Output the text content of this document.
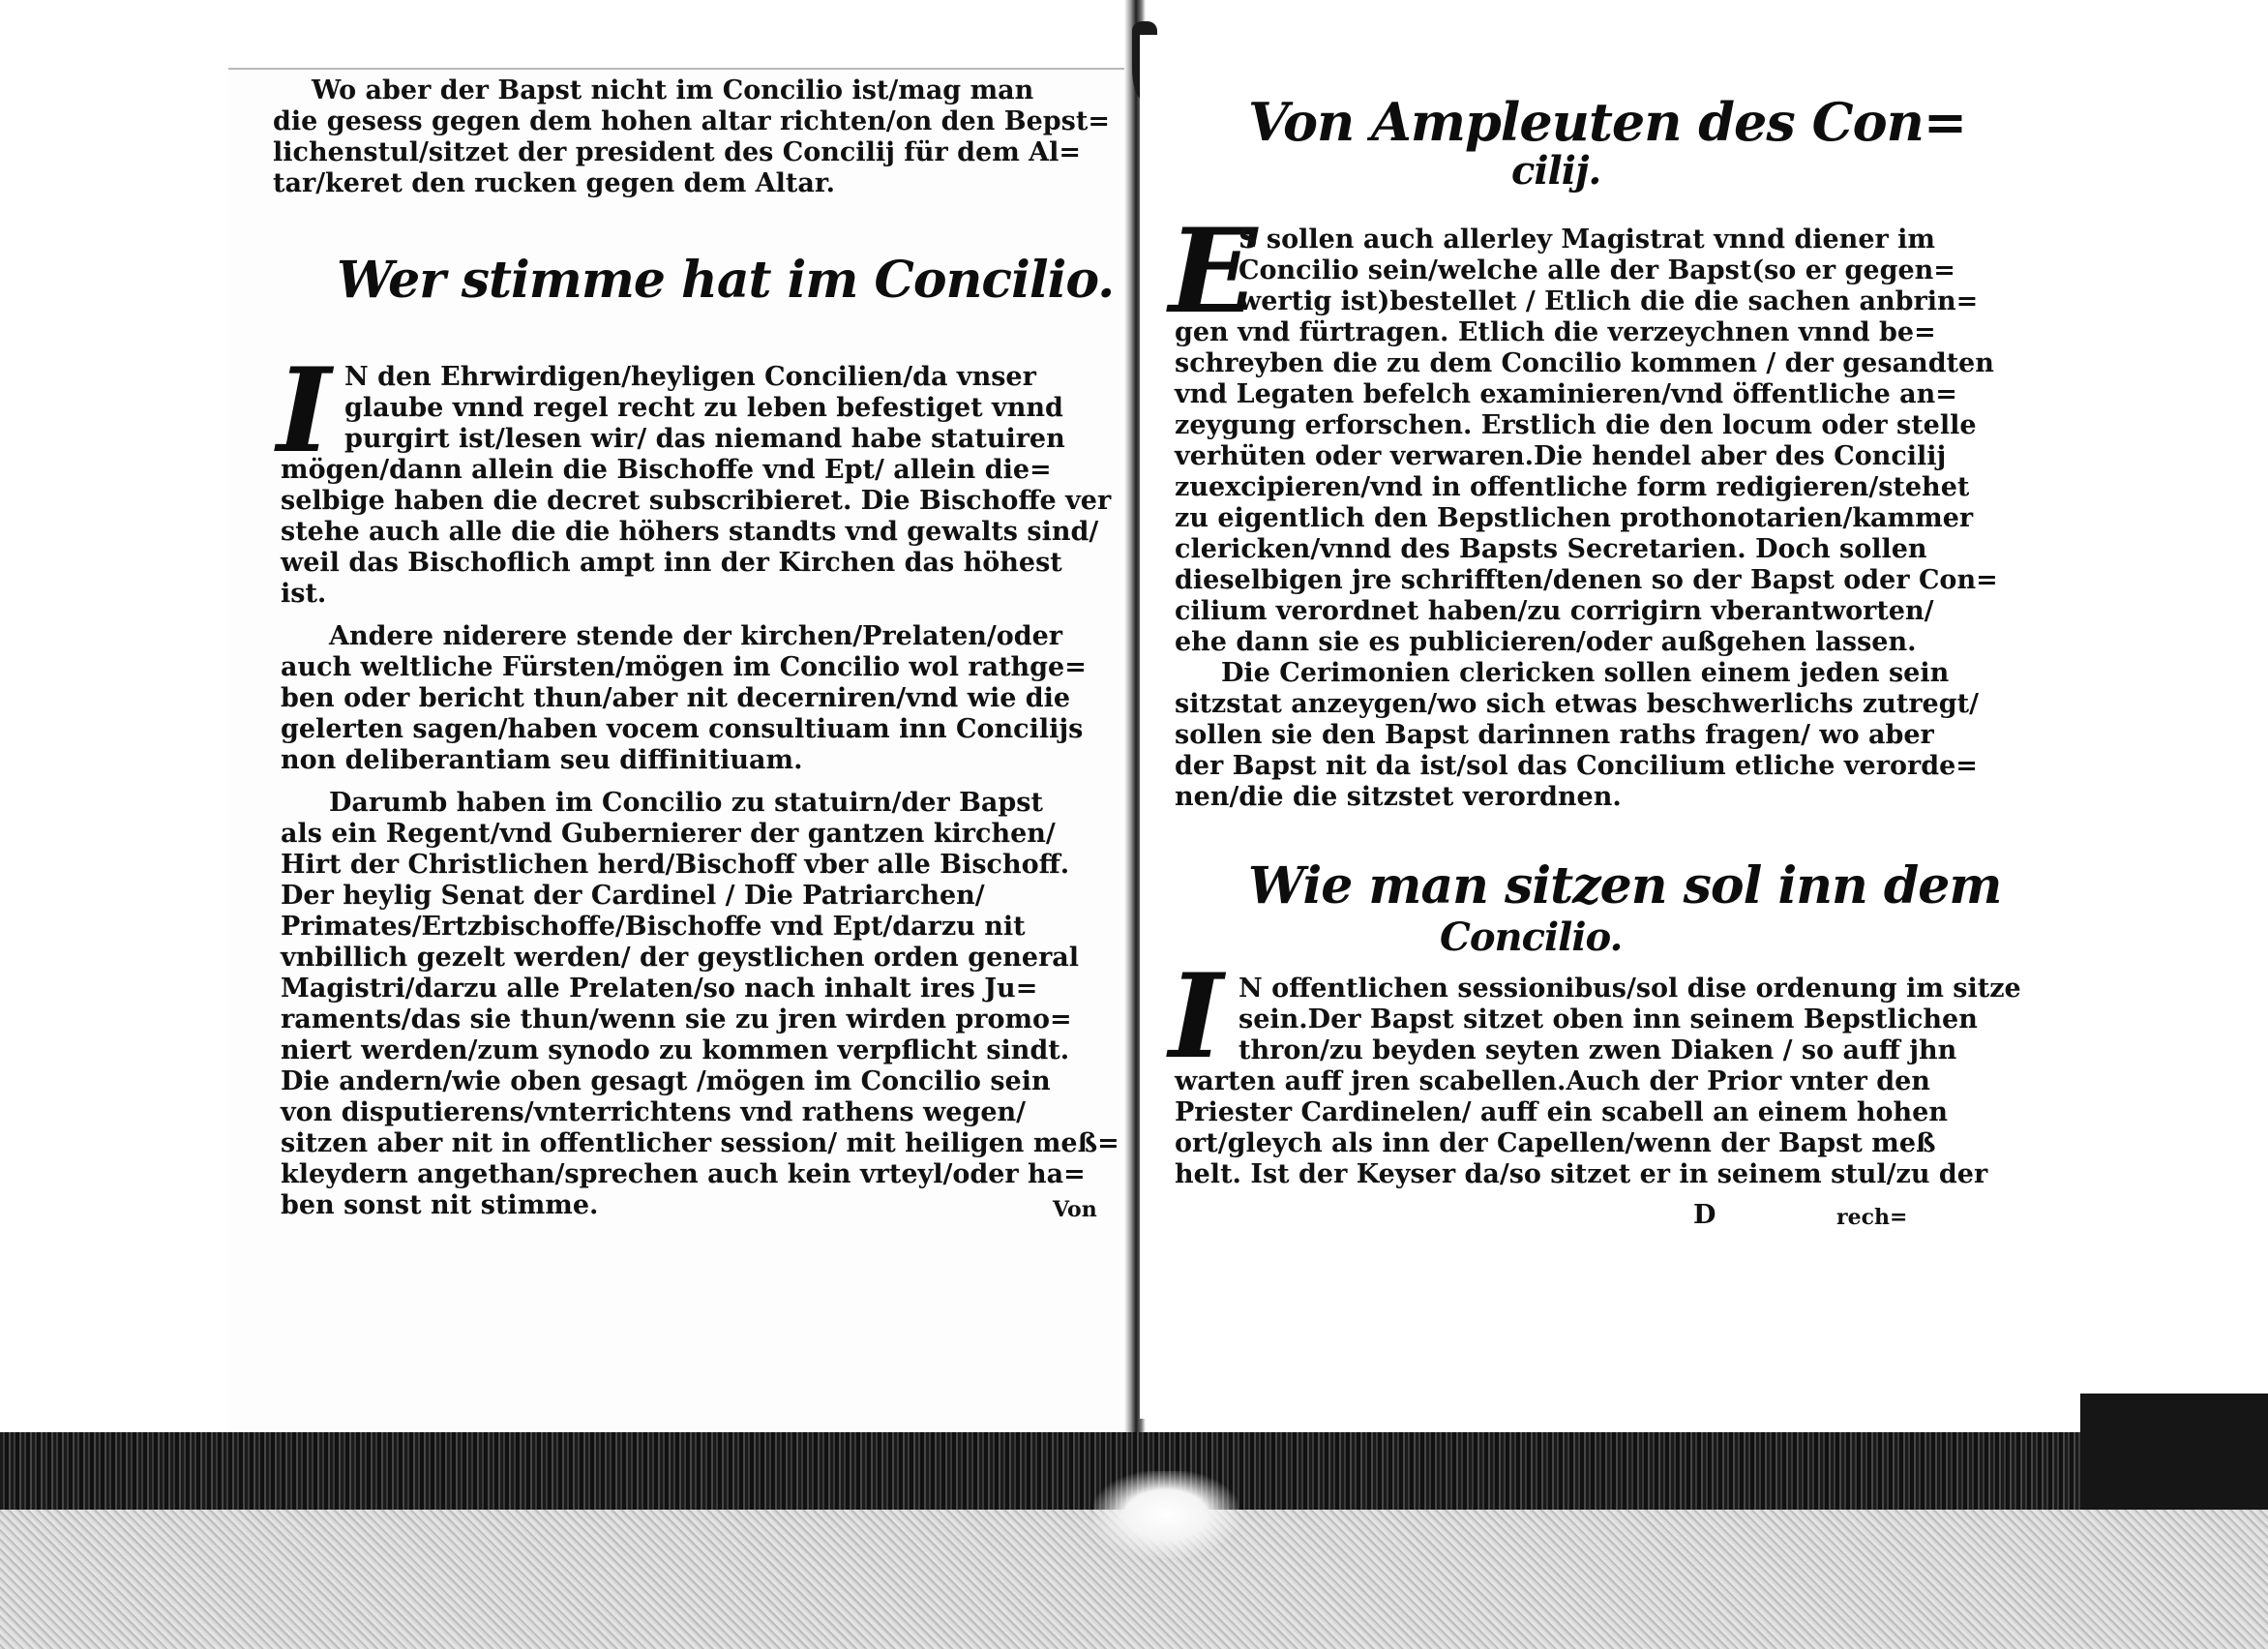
Wo aber der Bapst nicht im Concilio ist/mag man
die gesess gegen dem hohen altar richten/on den Bepst=
lichenstul/sitzet der president des Concilij für dem Al=
tar/keret den rucken gegen dem Altar.
Wer stimme hat im Concilio.
I N den Ehrwirdigen/heyligen Concilien/da vnser
glaube vnnd regel recht zu leben befestiget vnnd
purgirt ist/lesen wir/ das niemand habe statuiren
mögen/dann allein die Bischoffe vnd Ept/ allein die=
selbige haben die decret subscribieret. Die Bischoffe ver
stehe auch alle die die höhers standts vnd gewalts sind/
weil das Bischoflich ampt inn der Kirchen das höhest
ist.
Andere niderere stende der kirchen/Prelaten/oder
auch weltliche Fürsten/mögen im Concilio wol rathge=
ben oder bericht thun/aber nit decerniren/vnd wie die
gelerten sagen/haben vocem consultiuam inn Concilijs
non deliberantiam seu diffinitiuam.
Darumb haben im Concilio zu statuirn/der Bapst
als ein Regent/vnd Gubernierer der gantzen kirchen/
Hirt der Christlichen herd/Bischoff vber alle Bischoff.
Der heylig Senat der Cardinel / Die Patriarchen/
Primates/Ertzbischoffe/Bischoffe vnd Ept/darzu nit
vnbillich gezelt werden/ der geystlichen orden general
Magistri/darzu alle Prelaten/so nach inhalt ires Ju=
raments/das sie thun/wenn sie zu jren wirden promo=
niert werden/zum synodo zu kommen verpflicht sindt.
Die andern/wie oben gesagt /mögen im Concilio sein
von disputierens/vnterrichtens vnd rathens wegen/
sitzen aber nit in offentlicher session/ mit heiligen meß=
kleydern angethan/sprechen auch kein vrteyl/oder ha=
ben sonst nit stimme.	Von
Von Ampleuten des Con=
cilij.
E
S sollen auch allerley Magistrat vnnd diener im
Concilio sein/welche alle der Bapst(so er gegen=
wertig ist)bestellet / Etlich die die sachen anbrin=
gen vnd fürtragen. Etlich die verzeychnen vnnd be=
schreyben die zu dem Concilio kommen / der gesandten
vnd Legaten befelch examinieren/vnd öffentliche an=
zeygung erforschen. Erstlich die den locum oder stelle
verhüten oder verwaren.Die hendel aber des Concilij
zuexcipieren/vnd in offentliche form redigieren/stehet
zu eigentlich den Bepstlichen prothonotarien/kammer
clericken/vnnd des Bapsts Secretarien. Doch sollen
dieselbigen jre schrifften/denen so der Bapst oder Con=
cilium verordnet haben/zu corrigirn vberantworten/
ehe dann sie es publicieren/oder außgehen lassen.
Die Cerimonien clericken sollen einem jeden sein
sitzstat anzeygen/wo sich etwas beschwerlichs zutregt/
sollen sie den Bapst darinnen raths fragen/ wo aber
der Bapst nit da ist/sol das Concilium etliche verorde=
nen/die die sitzstet verordnen.
Wie man sitzen sol inn dem
Concilio.
I N offentlichen sessionibus/sol dise ordenung im sitze
sein.Der Bapst sitzet oben inn seinem Bepstlichen
thron/zu beyden seyten zwen Diaken / so auff jhn
warten auff jren scabellen.Auch der Prior vnter den
Priester Cardinelen/ auff ein scabell an einem hohen
ort/gleych als inn der Capellen/wenn der Bapst meß
helt. Ist der Keyser da/so sitzet er in seinem stul/zu der
D	rech=
